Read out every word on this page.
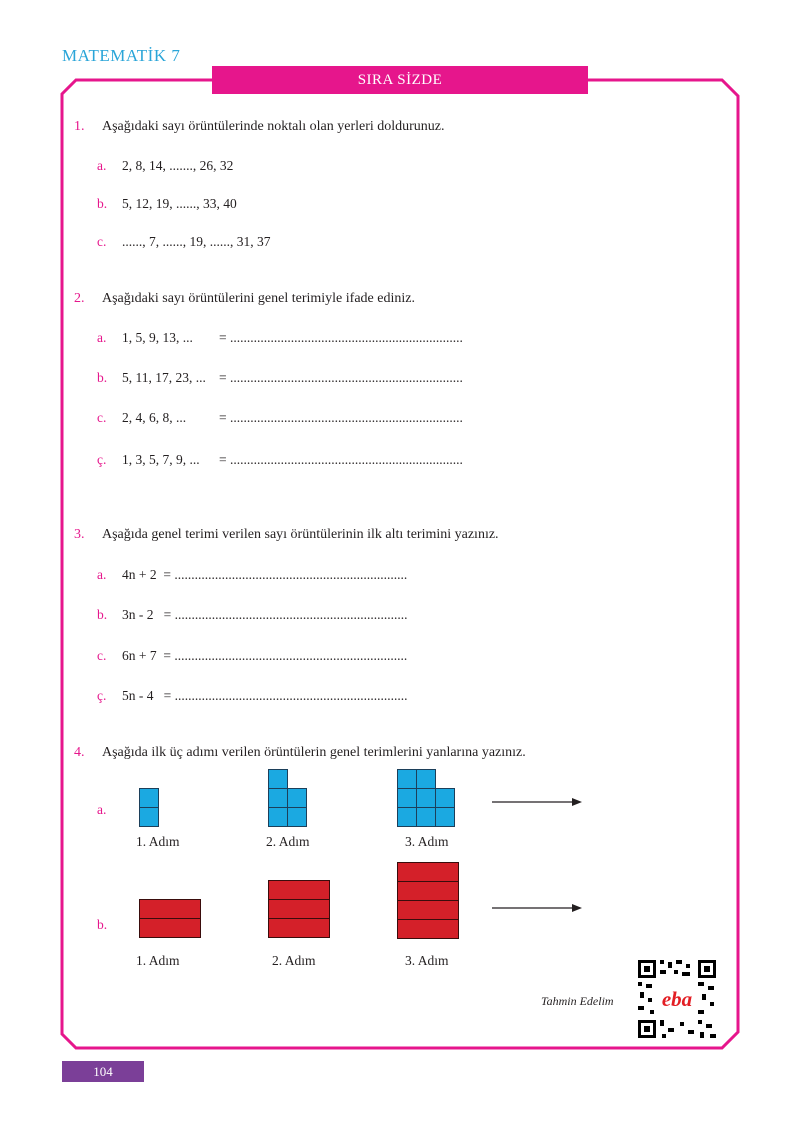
MATEMATİK 7
SIRA SİZDE
1. Aşağıdaki sayı örüntülerinde noktalı olan yerleri doldurunuz.
a. 2, 8, 14, ......., 26, 32
b. 5, 12, 19, ......, 33, 40
c. ......, 7, ......, 19, ......, 31, 37
2. Aşağıdaki sayı örüntülerini genel terimiyle ifade ediniz.
a. 1, 5, 9, 13, ... = .....................................................................
b. 5, 11, 17, 23, ... = .....................................................................
c. 2, 4, 6, 8, ... = .....................................................................
ç. 1, 3, 5, 7, 9, ... = .....................................................................
3. Aşağıda genel terimi verilen sayı örüntülerinin ilk altı terimini yazınız.
a. 4n + 2  = .....................................................................
b. 3n - 2   = .....................................................................
c. 6n + 7  = .....................................................................
ç. 5n - 4   = .....................................................................
4. Aşağıda ilk üç adımı verilen örüntülerin genel terimlerini yanlarına yazınız.
a.
1. Adım	2. Adım	3. Adım
b.
1. Adım	2. Adım	3. Adım
Tahmin Edelim eba
104
